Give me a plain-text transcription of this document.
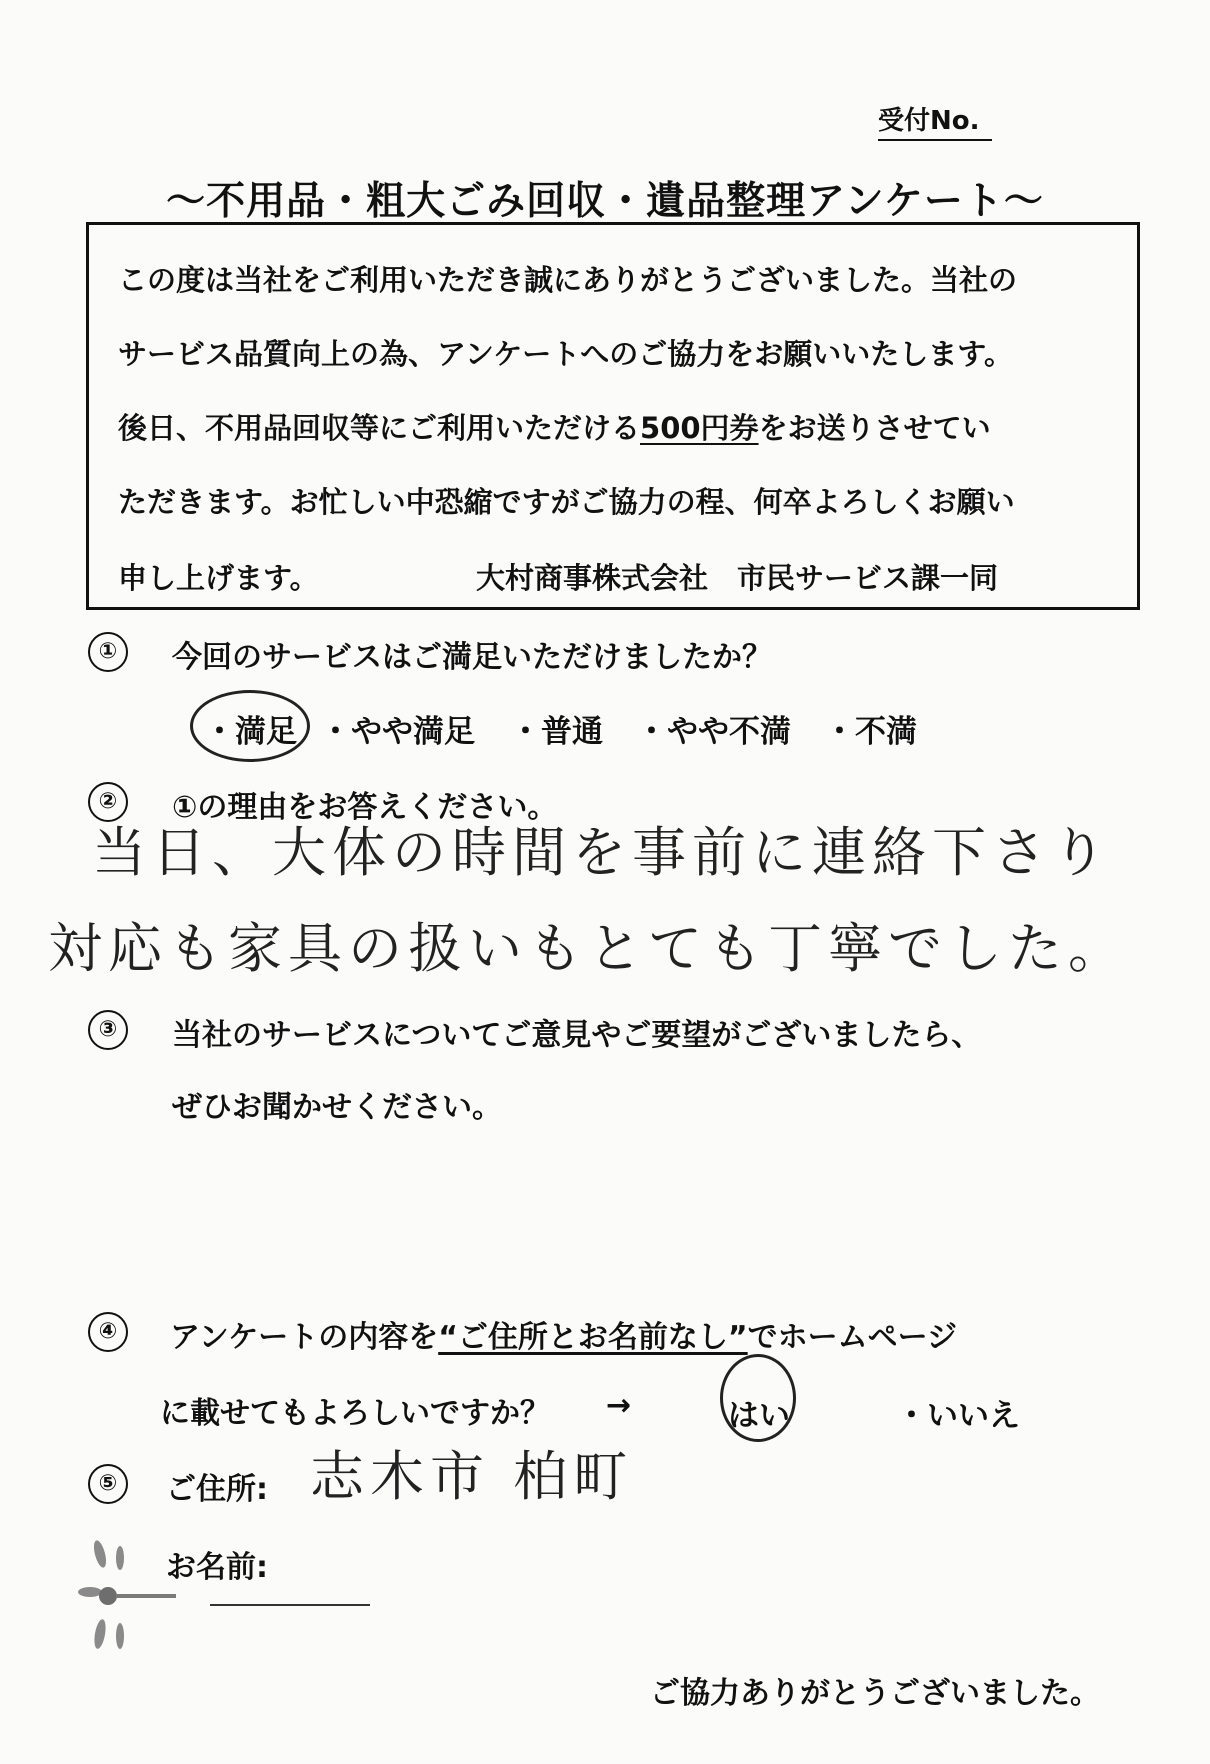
受付No.
～不用品・粗大ごみ回収・遺品整理アンケート～
この度は当社をご利用いただき誠にありがとうございました。当社の
サービス品質向上の為、アンケートへのご協力をお願いいたします。
後日、不用品回収等にご利用いただける500円券をお送りさせてい
ただきます。お忙しい中恐縮ですがご協力の程、何卒よろしくお願い
申し上げます。	大村商事株式会社　市民サービス課一同
①	今回のサービスはご満足いただけましたか？
・満足 ・やや満足 ・普通 ・やや不満 ・不満
②	①の理由をお答えください。
当日、大体の時間を事前に連絡下さり
対応も家具の扱いもとても丁寧でした。
③	当社のサービスについてご意見やご要望がございましたら、
ぜひお聞かせください。
④	アンケートの内容を“ご住所とお名前なし”でホームページ
に載せてもよろしいですか？ →	はい	・いいえ
⑤	ご住所: 志木市 柏町
お名前:
ご協力ありがとうございました。
